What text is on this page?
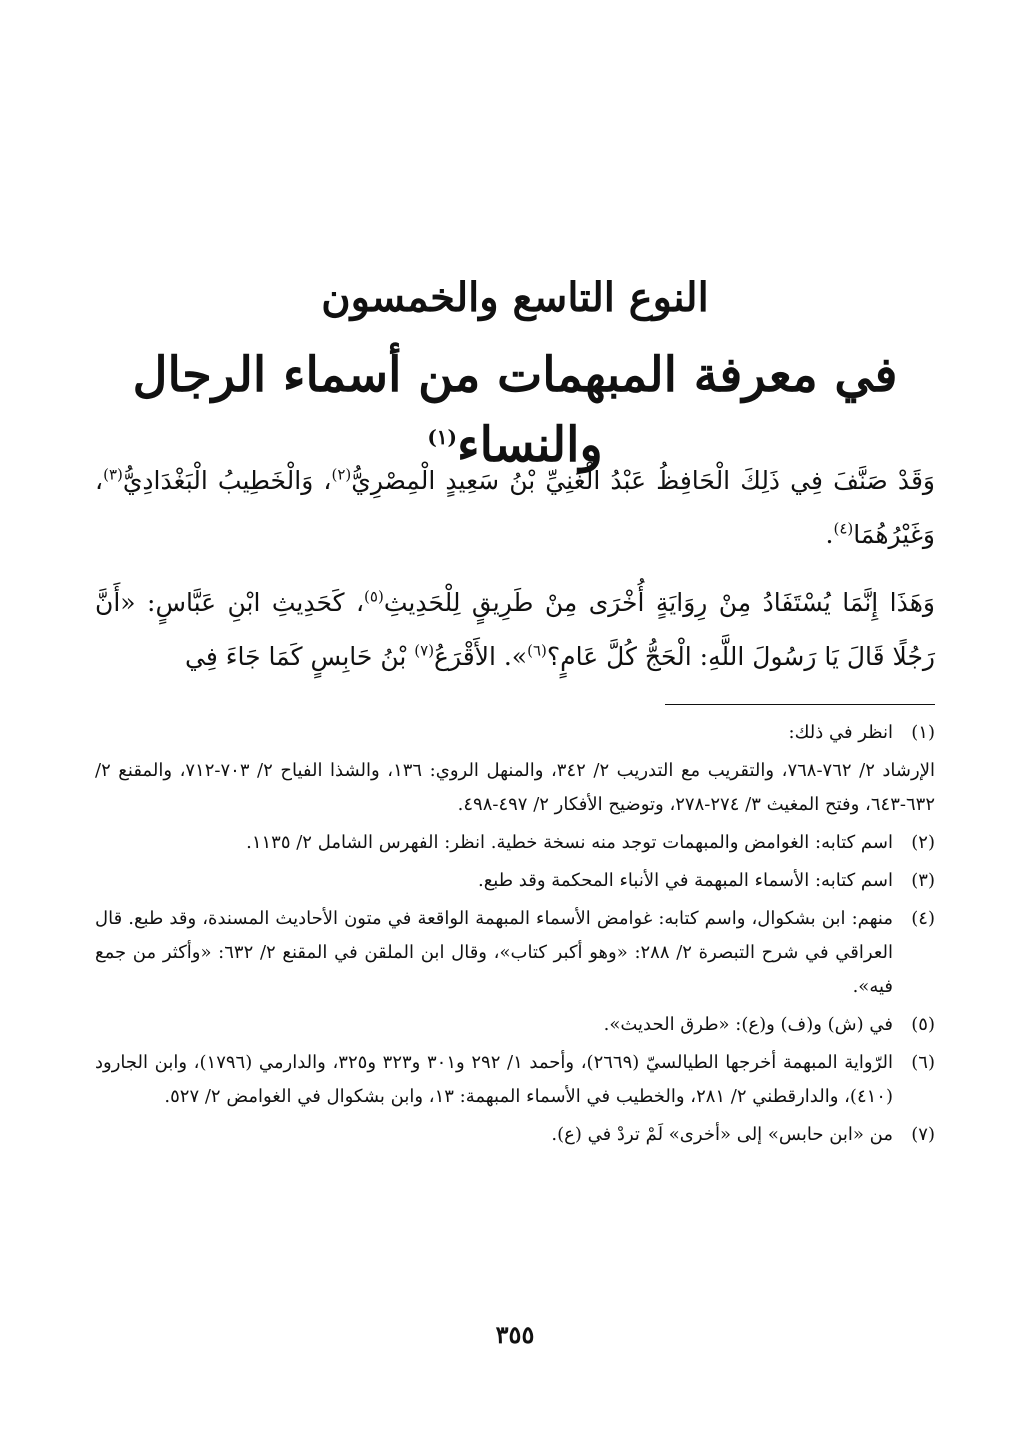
النوع التاسع والخمسون
في معرفة المبهمات من أسماء الرجال والنساء$^{(١)}$

وَقَدْ صَنَّفَ فِي ذَلِكَ الْحَافِظُ عَبْدُ الْغَنِيِّ بْنُ سَعِيدٍ الْمِصْرِيُّ$^{(٢)}$، وَالْخَطِيبُ الْبَغْدَادِيُّ$^{(٣)}$، وَغَيْرُهُمَا$^{(٤)}$.

وَهَذَا إِنَّمَا يُسْتَفَادُ مِنْ رِوَايَةٍ أُخْرَى مِنْ طَرِيقٍ لِلْحَدِيثِ$^{(٥)}$، كَحَدِيثِ ابْنِ عَبَّاسٍ: «أَنَّ رَجُلًا قَالَ يَا رَسُولَ اللَّهِ: الْحَجُّ كُلَّ عَامٍ؟$^{(٦)}$». الأَقْرَعُ$^{(٧)}$ بْنُ حَابِسٍ كَمَا جَاءَ فِي

(١)
انظر في ذلك:
الإرشاد ٢/ ٧٦٢-٧٦٨، والتقريب مع التدريب ٢/ ٣٤٢، والمنهل الروي: ١٣٦، والشذا الفياح ٢/ ٧٠٣-٧١٢، والمقنع ٢/ ٦٣٢-٦٤٣، وفتح المغيث ٣/ ٢٧٤-٢٧٨، وتوضيح الأفكار ٢/ ٤٩٧-٤٩٨.
(٢)
اسم كتابه: الغوامض والمبهمات توجد منه نسخة خطية. انظر: الفهرس الشامل ٢/ ١١٣٥.
(٣)
اسم كتابه: الأسماء المبهمة في الأنباء المحكمة وقد طبع.
(٤)
منهم: ابن بشكوال، واسم كتابه: غوامض الأسماء المبهمة الواقعة في متون الأحاديث المسندة، وقد طبع. قال العراقي في شرح التبصرة ٢/ ٢٨٨: «وهو أكبر كتاب»، وقال ابن الملقن في المقنع ٢/ ٦٣٢: «وأكثر من جمع فيه».
(٥)
في (ش) و(ف) و(ع): «طرق الحديث».
(٦)
الرّواية المبهمة أخرجها الطيالسيّ (٢٦٦٩)، وأحمد ١/ ٢٩٢ و٣٠١ و٣٢٣ و٣٢٥، والدارمي (١٧٩٦)، وابن الجارود (٤١٠)، والدارقطني ٢/ ٢٨١، والخطيب في الأسماء المبهمة: ١٣، وابن بشكوال في الغوامض ٢/ ٥٢٧.
(٧)
من «ابن حابس» إلى «أخرى» لَمْ تردْ في (ع).
٣٥٥
